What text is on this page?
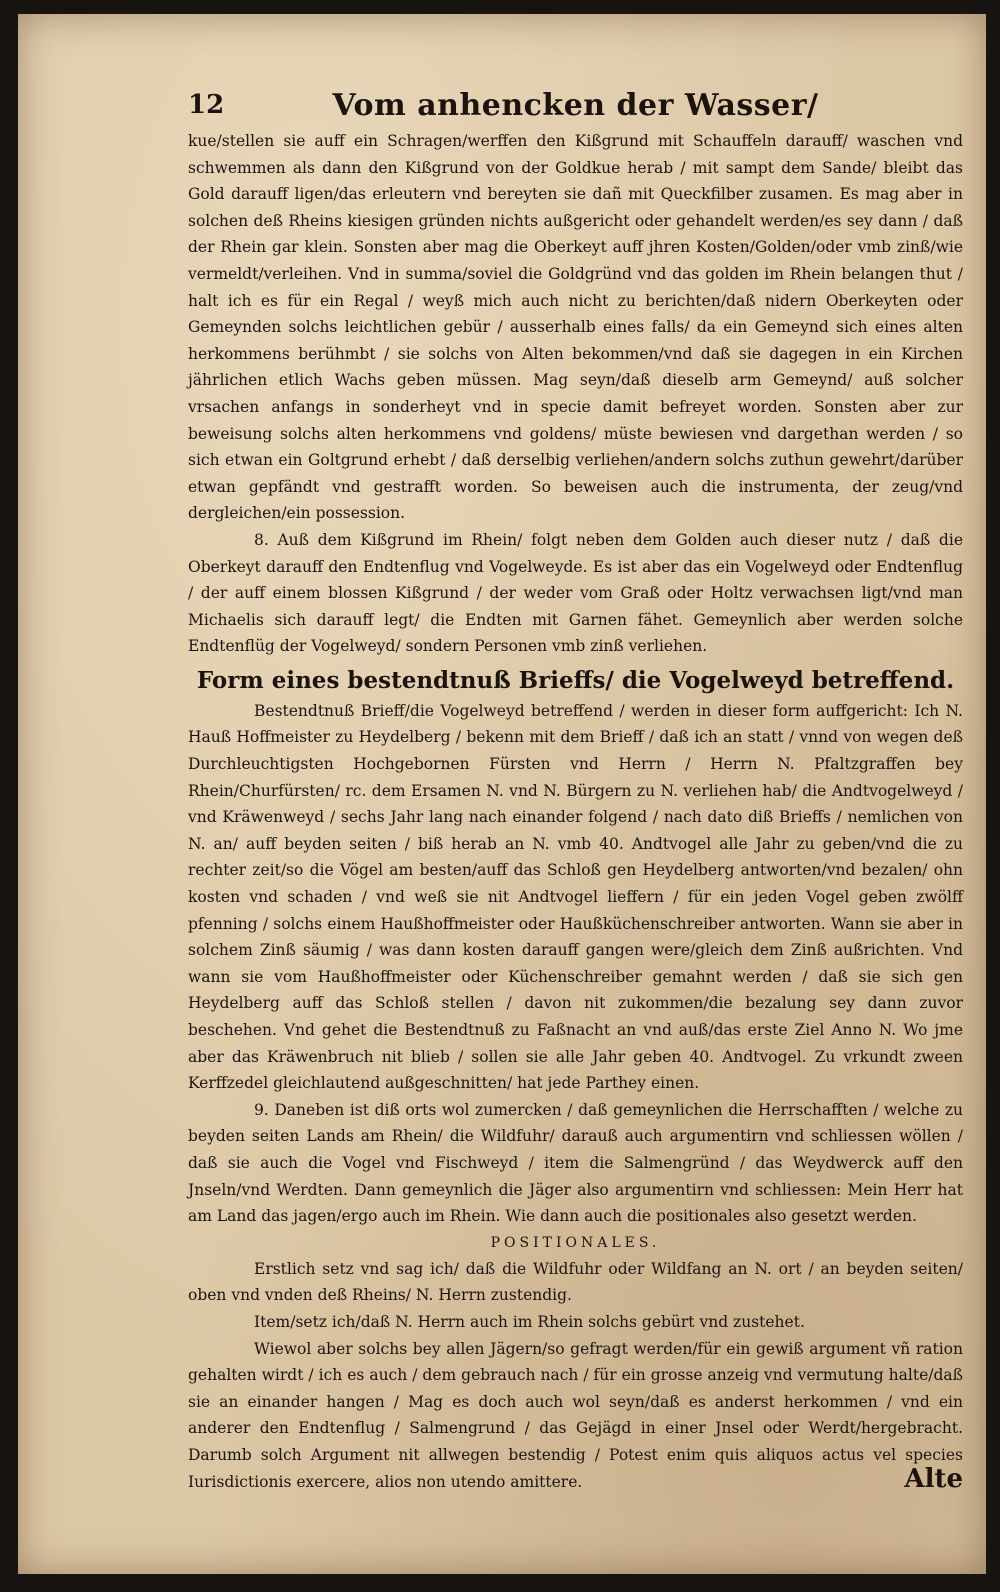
12	Vom anhencken der Wasser/

kue/stellen sie auff ein Schragen/werffen den Kißgrund mit Schauffeln darauff/ waschen vnd schwemmen als dann den Kißgrund von der Goldkue herab / mit sampt dem Sande/ bleibt das Gold darauff ligen/das erleutern vnd bereyten sie dañ mit Queckfilber zusamen. Es mag aber in solchen deß Rheins kiesigen gründen nichts außgericht oder gehandelt werden/es sey dann / daß der Rhein gar klein. Sonsten aber mag die Oberkeyt auff jhren Kosten/Golden/oder vmb zinß/wie vermeldt/verleihen. Vnd in summa/soviel die Goldgründ vnd das golden im Rhein belangen thut / halt ich es für ein Regal / weyß mich auch nicht zu berichten/daß nidern Oberkeyten oder Gemeynden solchs leichtlichen gebür / ausserhalb eines falls/ da ein Gemeynd sich eines alten herkommens berühmbt / sie solchs von Alten bekommen/vnd daß sie dagegen in ein Kirchen jährlichen etlich Wachs geben müssen. Mag seyn/daß dieselb arm Gemeynd/ auß solcher vrsachen anfangs in sonderheyt vnd in specie damit befreyet worden. Sonsten aber zur beweisung solchs alten herkommens vnd goldens/ müste bewiesen vnd dargethan werden / so sich etwan ein Goltgrund erhebt / daß derselbig verliehen/andern solchs zuthun gewehrt/darüber etwan gepfändt vnd gestrafft worden. So beweisen auch die instrumenta, der zeug/vnd dergleichen/ein possession.

8. Auß dem Kißgrund im Rhein/ folgt neben dem Golden auch dieser nutz / daß die Oberkeyt darauff den Endtenflug vnd Vogelweyde. Es ist aber das ein Vogelweyd oder Endtenflug / der auff einem blossen Kißgrund / der weder vom Graß oder Holtz verwachsen ligt/vnd man Michaelis sich darauff legt/ die Endten mit Garnen fähet. Gemeynlich aber werden solche Endtenflüg der Vogelweyd/ sondern Personen vmb zinß verliehen.

Form eines bestendtnuß Brieffs/ die Vogelweyd betreffend.

Bestendtnuß Brieff/die Vogelweyd betreffend / werden in dieser form auffgericht: Ich N. Hauß Hoffmeister zu Heydelberg / bekenn mit dem Brieff / daß ich an statt / vnnd von wegen deß Durchleuchtigsten Hochgebornen Fürsten vnd Herrn / Herrn N. Pfaltzgraffen bey Rhein/Churfürsten/ rc. dem Ersamen N. vnd N. Bürgern zu N. verliehen hab/ die Andtvogelweyd / vnd Kräwenweyd / sechs Jahr lang nach einander folgend / nach dato diß Brieffs / nemlichen von N. an/ auff beyden seiten / biß herab an N. vmb 40. Andtvogel alle Jahr zu geben/vnd die zu rechter zeit/so die Vögel am besten/auff das Schloß gen Heydelberg antworten/vnd bezalen/ ohn kosten vnd schaden / vnd weß sie nit Andtvogel lieffern / für ein jeden Vogel geben zwölff pfenning / solchs einem Haußhoffmeister oder Haußküchenschreiber antworten. Wann sie aber in solchem Zinß säumig / was dann kosten darauff gangen were/gleich dem Zinß außrichten. Vnd wann sie vom Haußhoffmeister oder Küchenschreiber gemahnt werden / daß sie sich gen Heydelberg auff das Schloß stellen / davon nit zukommen/die bezalung sey dann zuvor beschehen. Vnd gehet die Bestendtnuß zu Faßnacht an vnd auß/das erste Ziel Anno N. Wo jme aber das Kräwenbruch nit blieb / sollen sie alle Jahr geben 40. Andtvogel. Zu vrkundt zween Kerffzedel gleichlautend außgeschnitten/ hat jede Parthey einen.

9. Daneben ist diß orts wol zumercken / daß gemeynlichen die Herrschafften / welche zu beyden seiten Lands am Rhein/ die Wildfuhr/ darauß auch argumentirn vnd schliessen wöllen / daß sie auch die Vogel vnd Fischweyd / item die Salmengründ / das Weydwerck auff den Jnseln/vnd Werdten. Dann gemeynlich die Jäger also argumentirn vnd schliessen: Mein Herr hat am Land das jagen/ergo auch im Rhein. Wie dann auch die positionales also gesetzt werden.

POSITIONALES.

Erstlich setz vnd sag ich/ daß die Wildfuhr oder Wildfang an N. ort / an beyden seiten/ oben vnd vnden deß Rheins/ N. Herrn zustendig.

Item/setz ich/daß N. Herrn auch im Rhein solchs gebürt vnd zustehet.

Wiewol aber solchs bey allen Jägern/so gefragt werden/für ein gewiß argument vñ ration gehalten wirdt / ich es auch / dem gebrauch nach / für ein grosse anzeig vnd vermutung halte/daß sie an einander hangen / Mag es doch auch wol seyn/daß es anderst herkommen / vnd ein anderer den Endtenflug / Salmengrund / das Gejägd in einer Jnsel oder Werdt/hergebracht. Darumb solch Argument nit allwegen bestendig / Potest enim quis aliquos actus vel species Iurisdictionis exercere, alios non utendo amittere.	Alte
